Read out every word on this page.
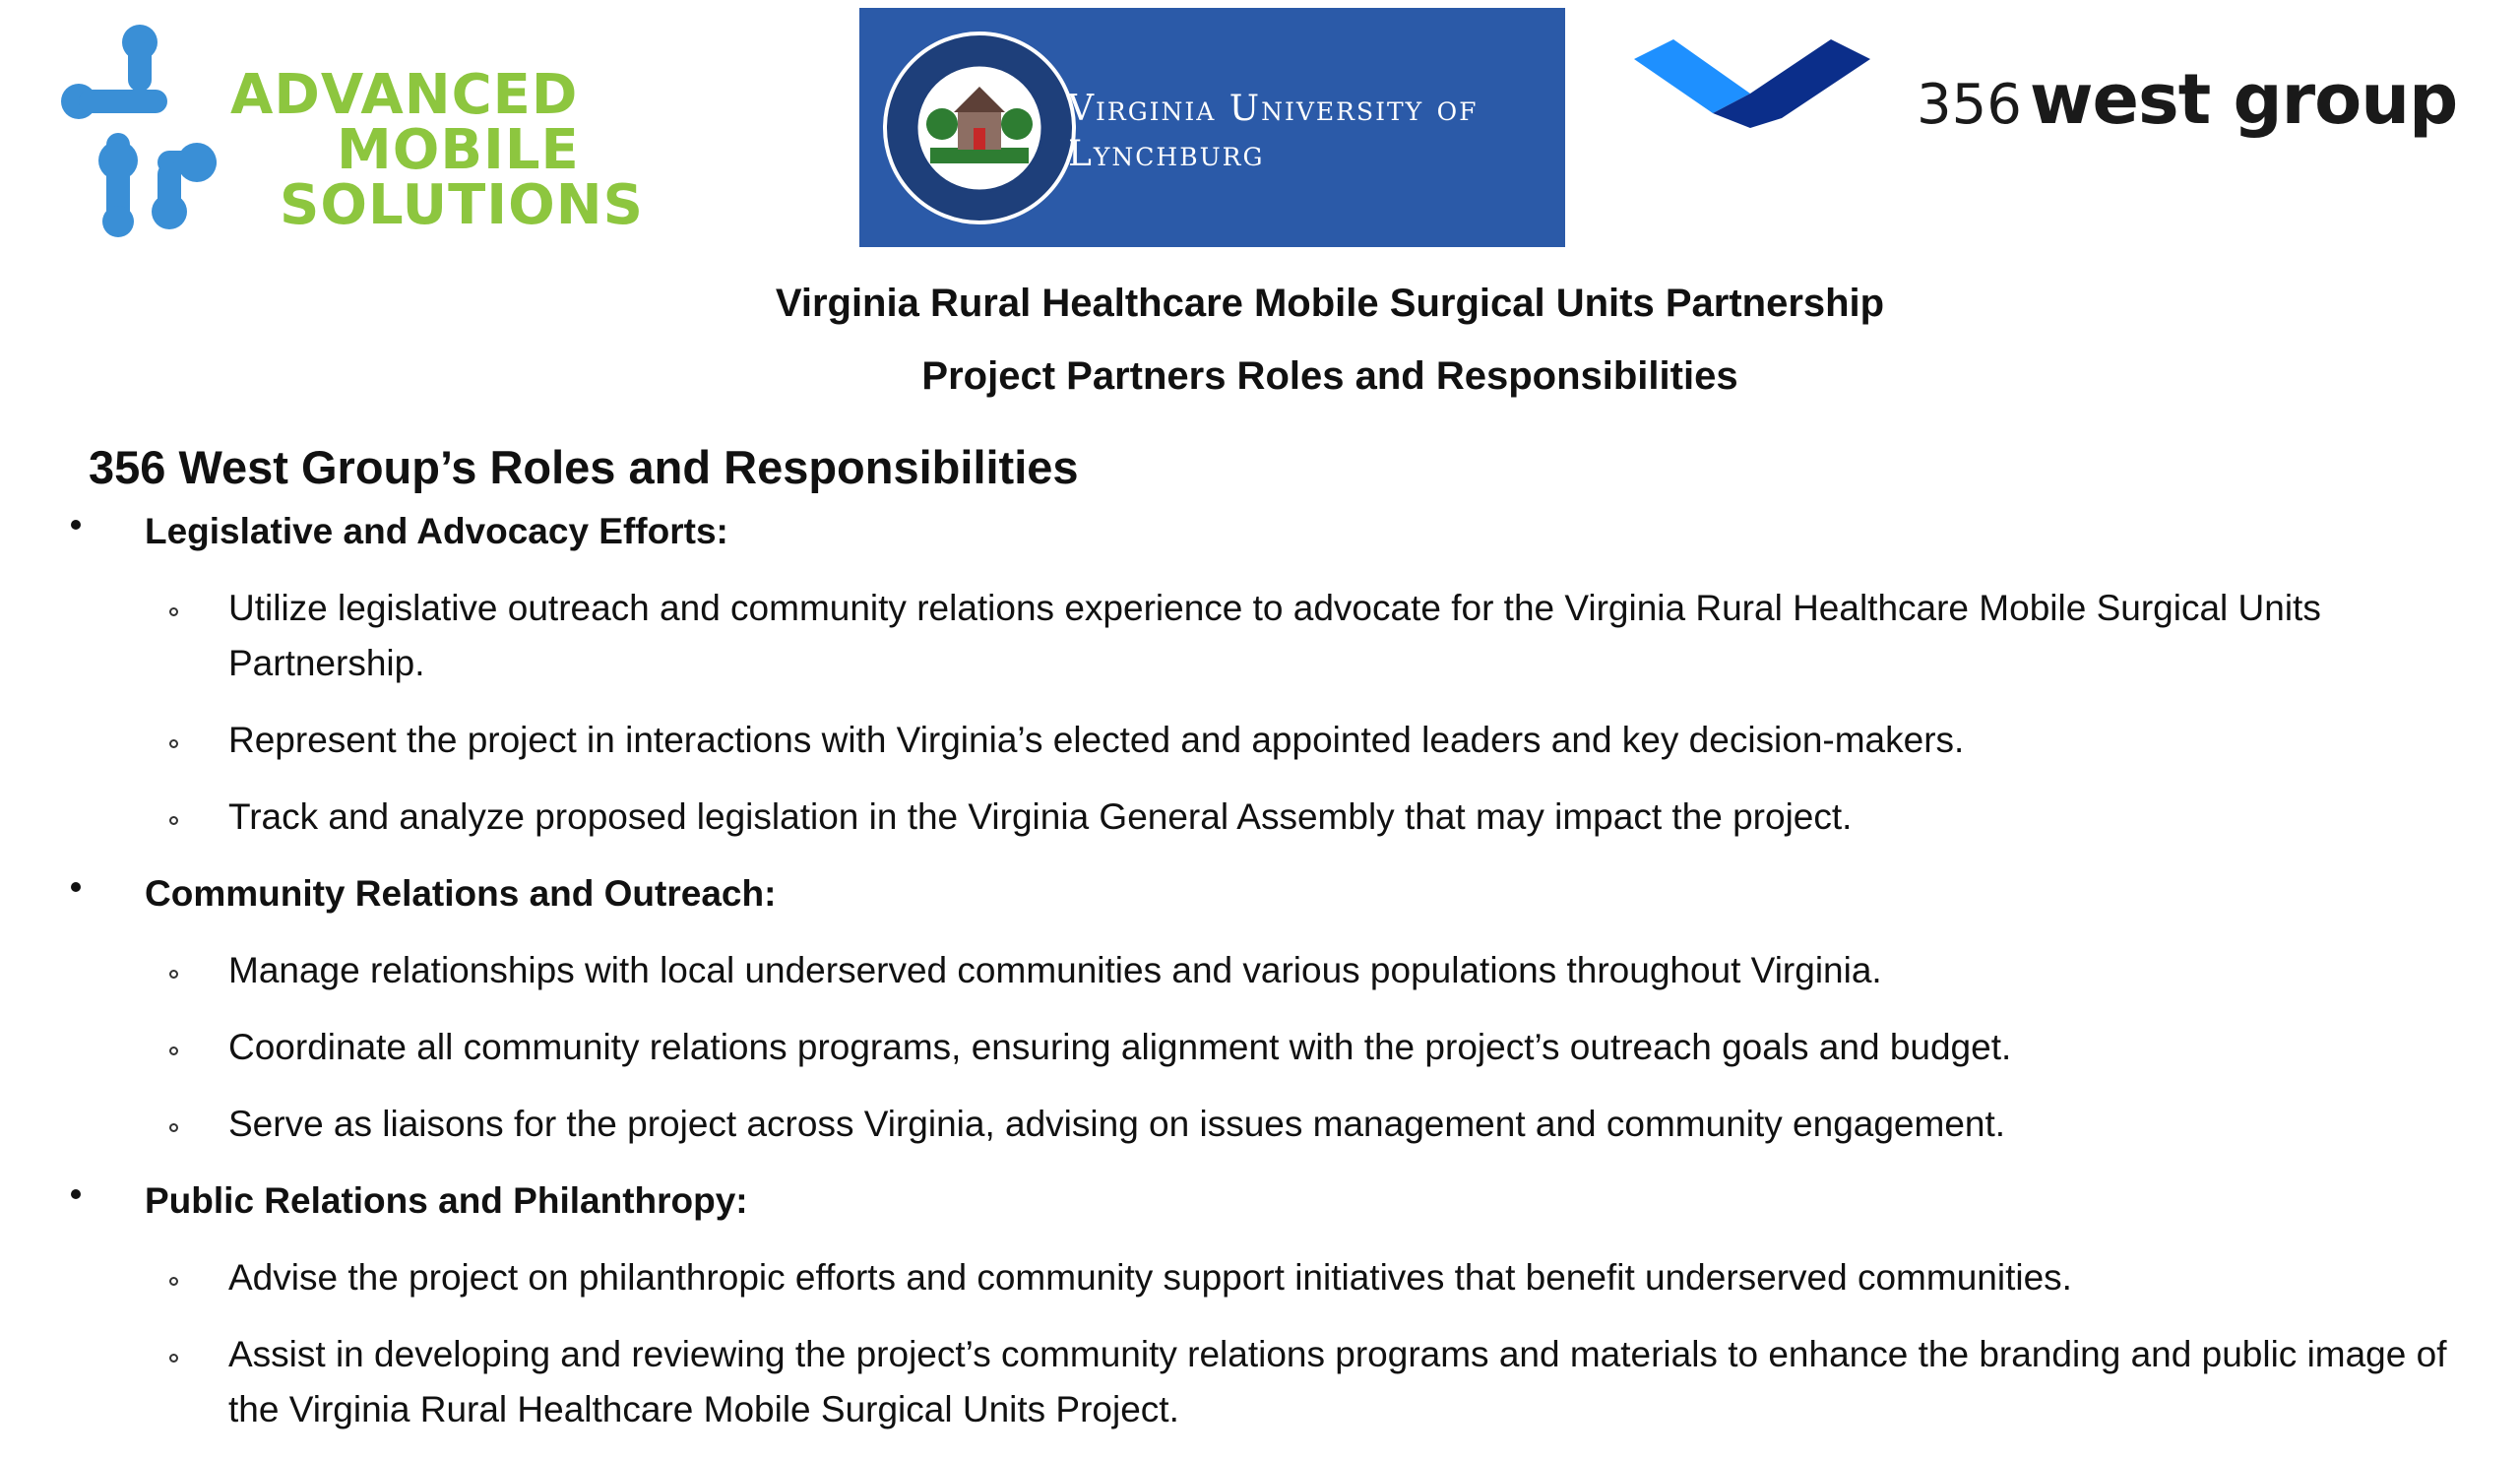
ADVANCED
MOBILE
SOLUTIONS
Virginia University of
Lynchburg
356 west group
Virginia Rural Healthcare Mobile Surgical Units Partnership
Project Partners Roles and Responsibilities
356 West Group’s Roles and Responsibilities
Legislative and Advocacy Efforts:
Utilize legislative outreach and community relations experience to advocate for the Virginia Rural Healthcare Mobile Surgical Units Partnership.
Represent the project in interactions with Virginia’s elected and appointed leaders and key decision-makers.
Track and analyze proposed legislation in the Virginia General Assembly that may impact the project.
Community Relations and Outreach:
Manage relationships with local underserved communities and various populations throughout Virginia.
Coordinate all community relations programs, ensuring alignment with the project’s outreach goals and budget.
Serve as liaisons for the project across Virginia, advising on issues management and community engagement.
Public Relations and Philanthropy:
Advise the project on philanthropic efforts and community support initiatives that benefit underserved communities.
Assist in developing and reviewing the project’s community relations programs and materials to enhance the branding and public image of the Virginia Rural Healthcare Mobile Surgical Units Project.
